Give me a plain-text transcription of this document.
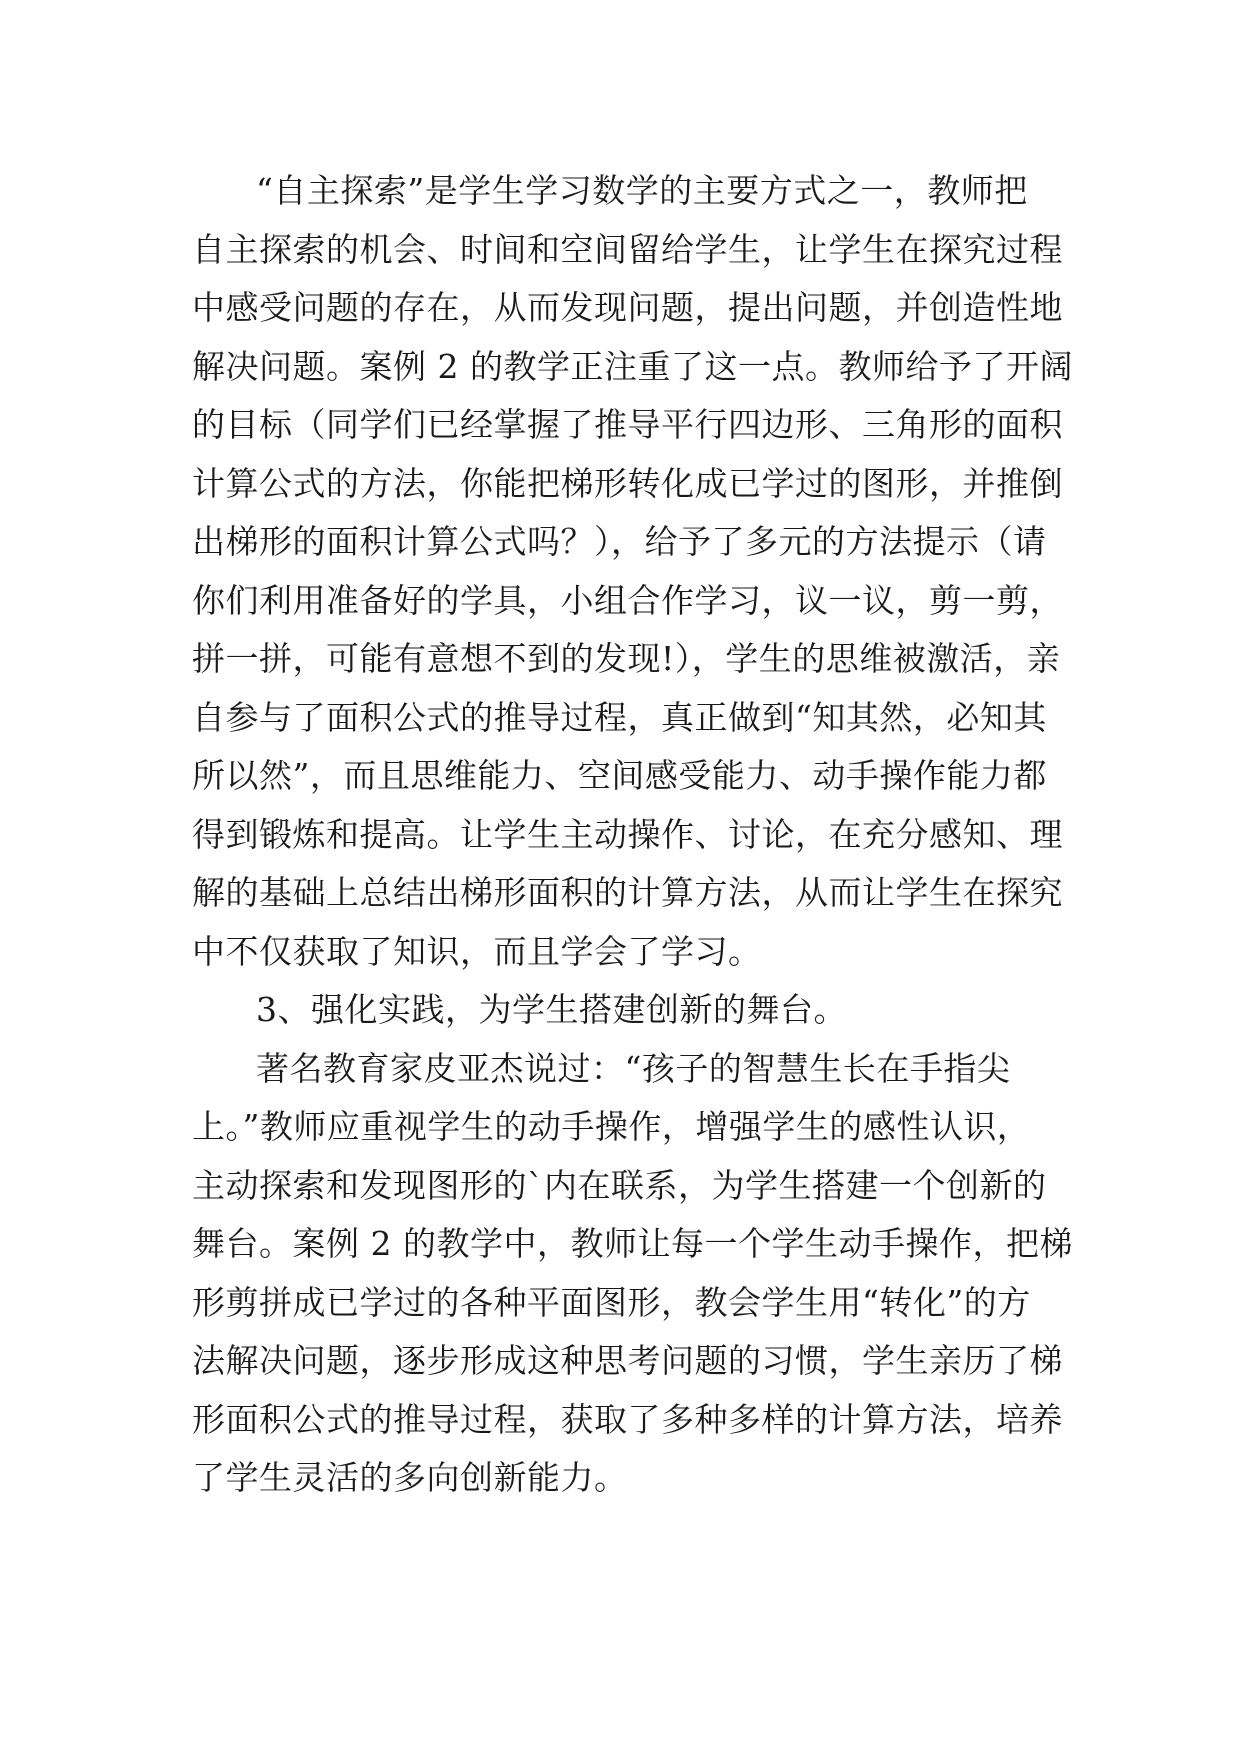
“自主探索”是学生学习数学的主要方式之一，教师把
自主探索的机会、时间和空间留给学生，让学生在探究过程
中感受问题的存在，从而发现问题，提出问题，并创造性地
解决问题。案例 2 的教学正注重了这一点。教师给予了开阔
的目标（同学们已经掌握了推导平行四边形、三角形的面积
计算公式的方法，你能把梯形转化成已学过的图形，并推倒
出梯形的面积计算公式吗？），给予了多元的方法提示（请
你们利用准备好的学具，小组合作学习，议一议，剪一剪，
拼一拼，可能有意想不到的发现!），学生的思维被激活，亲
自参与了面积公式的推导过程，真正做到“知其然，必知其
所以然”，而且思维能力、空间感受能力、动手操作能力都
得到锻炼和提高。让学生主动操作、讨论，在充分感知、理
解的基础上总结出梯形面积的计算方法，从而让学生在探究
中不仅获取了知识，而且学会了学习。
3、强化实践，为学生搭建创新的舞台。
著名教育家皮亚杰说过：“孩子的智慧生长在手指尖
上。”教师应重视学生的动手操作，增强学生的感性认识，
主动探索和发现图形的`内在联系，为学生搭建一个创新的
舞台。案例 2 的教学中，教师让每一个学生动手操作，把梯
形剪拼成已学过的各种平面图形，教会学生用“转化”的方
法解决问题，逐步形成这种思考问题的习惯，学生亲历了梯
形面积公式的推导过程，获取了多种多样的计算方法，培养
了学生灵活的多向创新能力。
